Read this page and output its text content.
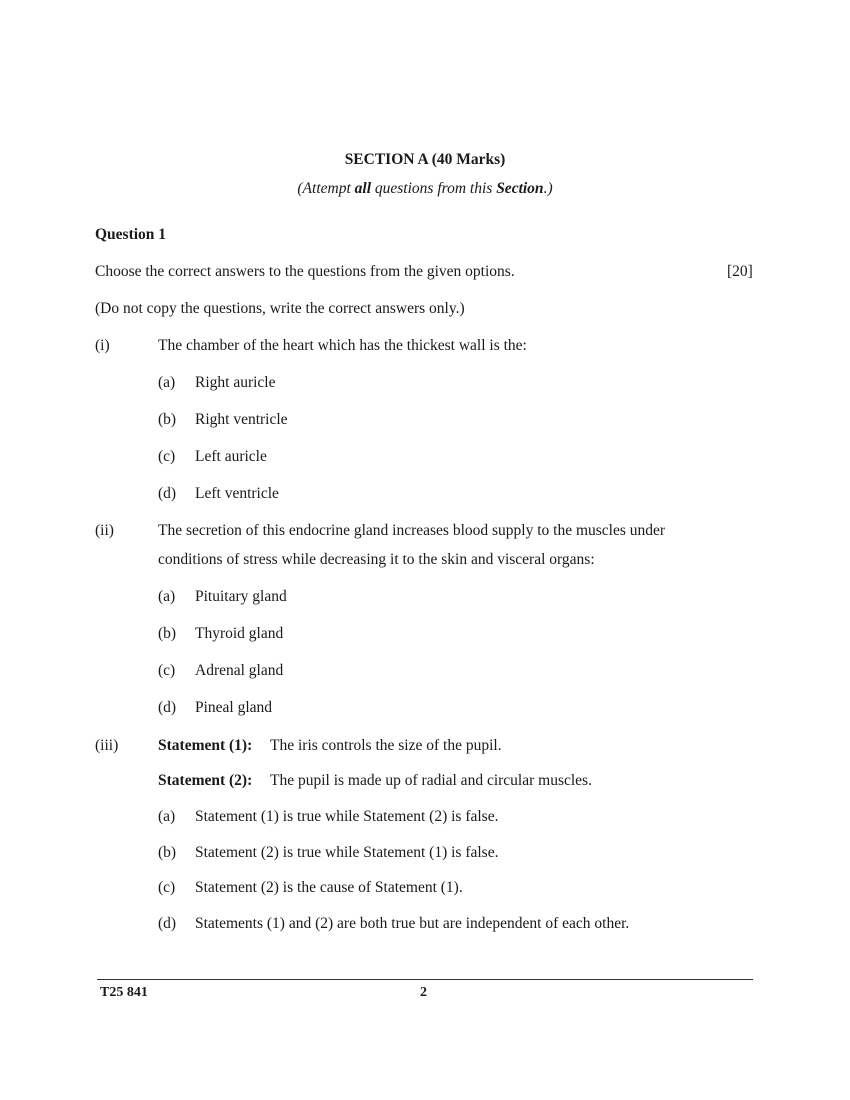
SECTION A (40 Marks)
(Attempt all questions from this Section.)
Question 1
Choose the correct answers to the questions from the given options.	[20]
(Do not copy the questions, write the correct answers only.)
(i)	The chamber of the heart which has the thickest wall is the:
(a) Right auricle
(b) Right ventricle
(c) Left auricle
(d) Left ventricle
(ii)	The secretion of this endocrine gland increases blood supply to the muscles under
conditions of stress while decreasing it to the skin and visceral organs:
(a) Pituitary gland
(b) Thyroid gland
(c) Adrenal gland
(d) Pineal gland
(iii)	Statement (1): The iris controls the size of the pupil.
Statement (2): The pupil is made up of radial and circular muscles.
(a) Statement (1) is true while Statement (2) is false.
(b) Statement (2) is true while Statement (1) is false.
(c) Statement (2) is the cause of Statement (1).
(d) Statements (1) and (2) are both true but are independent of each other.
T25 841	2
